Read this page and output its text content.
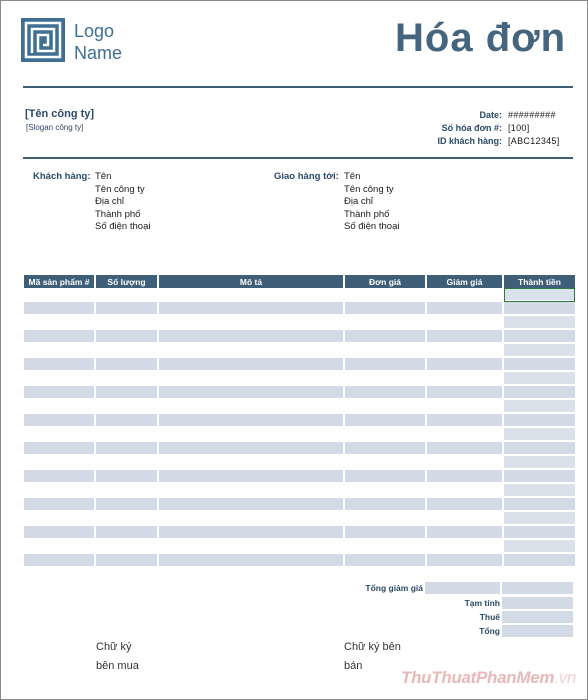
Logo
Name	Hóa đơn
[Tên công ty]
[Slogan công ty]
Date: #########
Số hóa đơn #: [100]
ID khách hàng: [ABC12345]
Khách hàng: Tên
Tên công ty
Địa chỉ
Thành phố
Số điện thoại
Giao hàng tới: Tên
Tên công ty
Địa chỉ
Thành phố
Số điện thoại
Mã sản phẩm #	Số lượng	Mô tả	Đơn giá	Giảm giá	Thành tiền

Tổng giảm giá
Tạm tính
Thuế
Tổng
Chữ ký
bên mua
Chữ ký bên
bán
ThuThuatPhanMem.vn
